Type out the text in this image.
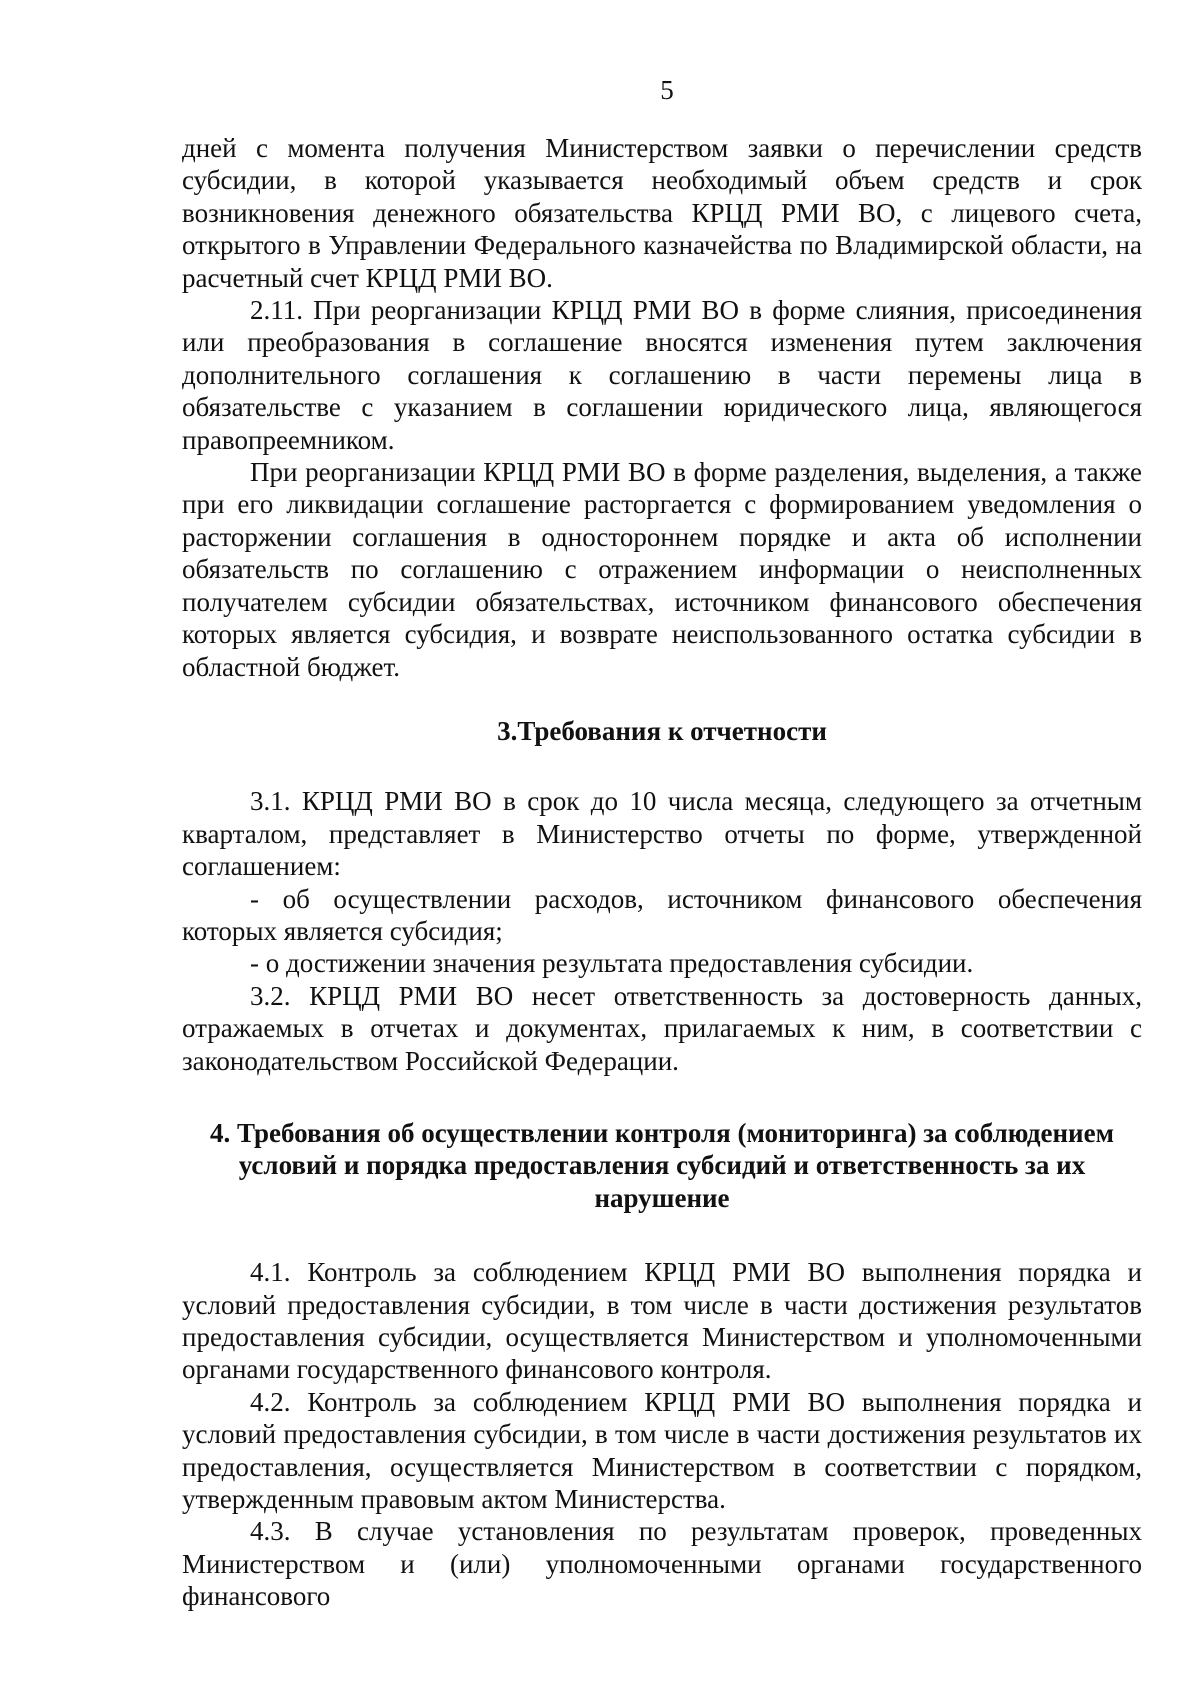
5

дней с момента получения Министерством заявки о перечислении средств субсидии, в которой указывается необходимый объем средств и срок возникновения денежного обязательства КРЦД РМИ ВО, с лицевого счета, открытого в Управлении Федерального казначейства по Владимирской области, на расчетный счет КРЦД РМИ ВО.

2.11. При реорганизации КРЦД РМИ ВО в форме слияния, присоединения или преобразования в соглашение вносятся изменения путем заключения дополнительного соглашения к соглашению в части перемены лица в обязательстве с указанием в соглашении юридического лица, являющегося правопреемником.

При реорганизации КРЦД РМИ ВО в форме разделения, выделения, а также при его ликвидации соглашение расторгается с формированием уведомления о расторжении соглашения в одностороннем порядке и акта об исполнении обязательств по соглашению с отражением информации о неисполненных получателем субсидии обязательствах, источником финансового обеспечения которых является субсидия, и возврате неиспользованного остатка субсидии в областной бюджет.

3.Требования к отчетности

3.1. КРЦД РМИ ВО в срок до 10 числа месяца, следующего за отчетным кварталом, представляет в Министерство отчеты по форме, утвержденной соглашением:

- об осуществлении расходов, источником финансового обеспечения которых является субсидия;

- о достижении значения результата предоставления субсидии.

3.2. КРЦД РМИ ВО несет ответственность за достоверность данных, отражаемых в отчетах и документах, прилагаемых к ним, в соответствии с законодательством Российской Федерации.

4. Требования об осуществлении контроля (мониторинга) за соблюдением условий и порядка предоставления субсидий и ответственность за их нарушение

4.1. Контроль за соблюдением КРЦД РМИ ВО выполнения порядка и условий предоставления субсидии, в том числе в части достижения результатов предоставления субсидии, осуществляется Министерством и уполномоченными органами государственного финансового контроля.

4.2. Контроль за соблюдением КРЦД РМИ ВО выполнения порядка и условий предоставления субсидии, в том числе в части достижения результатов их предоставления, осуществляется Министерством в соответствии с порядком, утвержденным правовым актом Министерства.

4.3. В случае установления по результатам проверок, проведенных Министерством и (или) уполномоченными органами государственного финансового
